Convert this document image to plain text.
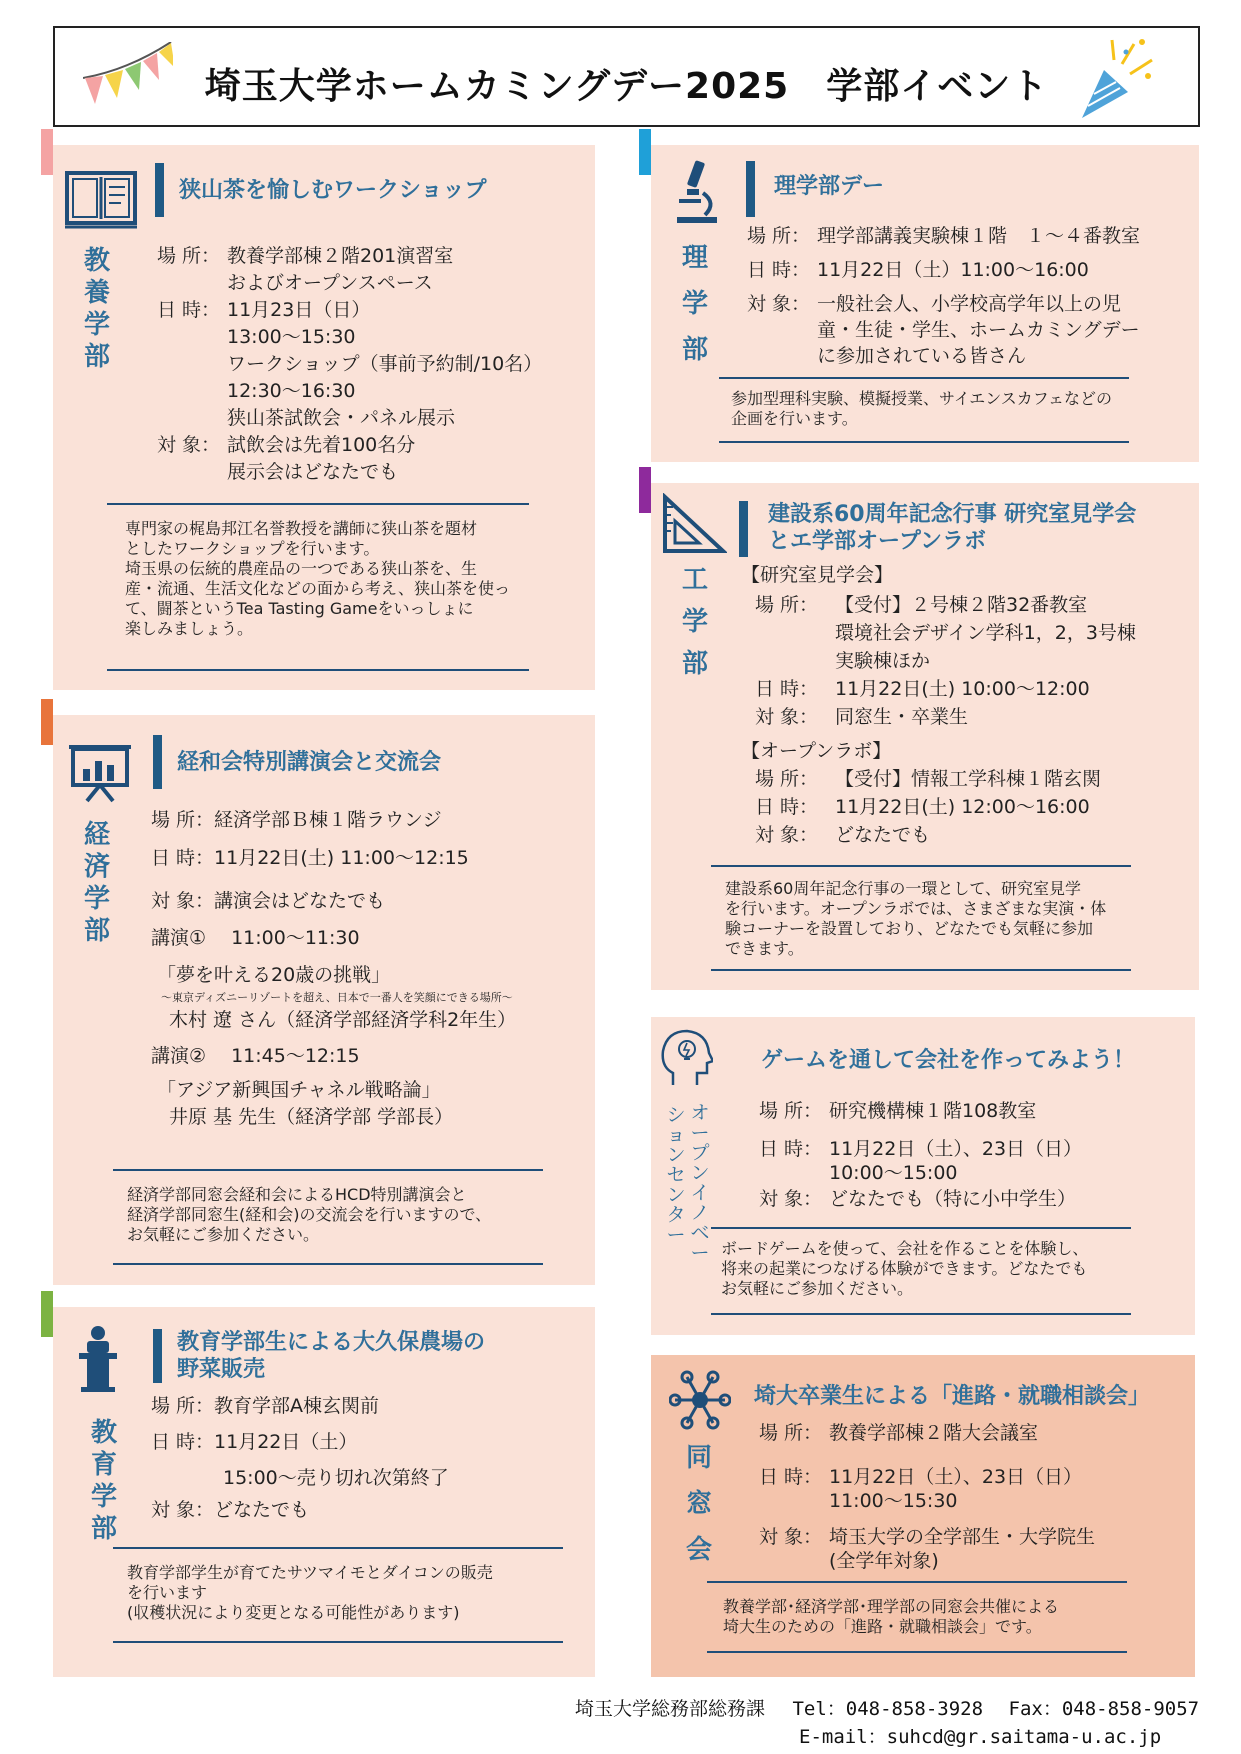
埼玉大学ホームカミングデー2025　学部イベント
教養学部
狭山茶を愉しむワークショップ
場 所： 教養学部棟２階201演習室
およびオープンスペース
日 時： 11月23日（日）
13:00～15:30
ワークショップ（事前予約制/10名）
12:30～16:30
狭山茶試飲会・パネル展示
対 象： 試飲会は先着100名分
展示会はどなたでも
専門家の梶島邦江名誉教授を講師に狭山茶を題材
としたワークショップを行います。
埼玉県の伝統的農産品の一つである狭山茶を、生
産・流通、生活文化などの面から考え、狭山茶を使っ
て、闘茶というTea Tasting Gameをいっしょに
楽しみましょう。
経済学部
経和会特別講演会と交流会
場 所：経済学部Ｂ棟１階ラウンジ
日 時：11月22日(土) 11:00～12:15
対 象：講演会はどなたでも
講演①　 11:00～11:30
「夢を叶える20歳の挑戦」
～東京ディズニーリゾートを超え、日本で一番人を笑顔にできる場所～
木村 遼 さん（経済学部経済学科2年生）
講演②　 11:45～12:15
「アジア新興国チャネル戦略論」
井原 基 先生（経済学部 学部長）
経済学部同窓会経和会によるHCD特別講演会と
経済学部同窓生(経和会)の交流会を行いますので、
お気軽にご参加ください。
教育学部
教育学部生による大久保農場の
野菜販売
場 所：教育学部A棟玄関前
日 時：11月22日（土）
15:00～売り切れ次第終了
対 象：どなたでも
教育学部学生が育てたサツマイモとダイコンの販売
を行います
(収穫状況により変更となる可能性があります)
理学部
理学部デー
場 所： 理学部講義実験棟１階　１～４番教室
日 時： 11月22日（土）11:00～16:00
対 象： 一般社会人、小学校高学年以上の児
童・生徒・学生、ホームカミングデー
に参加されている皆さん
参加型理科実験、模擬授業、サイエンスカフェなどの
企画を行います。
工学部
建設系60周年記念行事 研究室見学会
とエ学部オープンラボ
【研究室見学会】
場 所： 【受付】２号棟２階32番教室
環境社会デザイン学科1，2，3号棟
実験棟ほか
日 時： 11月22日(土) 10:00～12:00
対 象： 同窓生・卒業生
【オープンラボ】
場 所： 【受付】情報工学科棟１階玄関
日 時： 11月22日(土) 12:00～16:00
対 象： どなたでも
建設系60周年記念行事の一環として、研究室見学
を行います。オープンラボでは、さまざまな実演・体
験コーナーを設置しており、どなたでも気軽に参加
できます。
オープンイノベー
ションセンター
ゲームを通して会社を作ってみよう！
場 所： 研究機構棟１階108教室
日 時： 11月22日（土）、23日（日）
10:00～15:00
対 象： どなたでも（特に小中学生）
ボードゲームを使って、会社を作ることを体験し、
将来の起業につなげる体験ができます。どなたでも
お気軽にご参加ください。
同窓会
埼大卒業生による「進路・就職相談会」
場 所： 教養学部棟２階大会議室
日 時： 11月22日（土）、23日（日）
11:00～15:30
対 象： 埼玉大学の全学部生・大学院生
(全学年対象)
教養学部･経済学部･理学部の同窓会共催による
埼大生のための「進路・就職相談会」です。
埼玉大学総務部総務課 Tel：048-858-3928 Fax：048-858-9057
E-mail：suhcd@gr.saitama-u.ac.jp
